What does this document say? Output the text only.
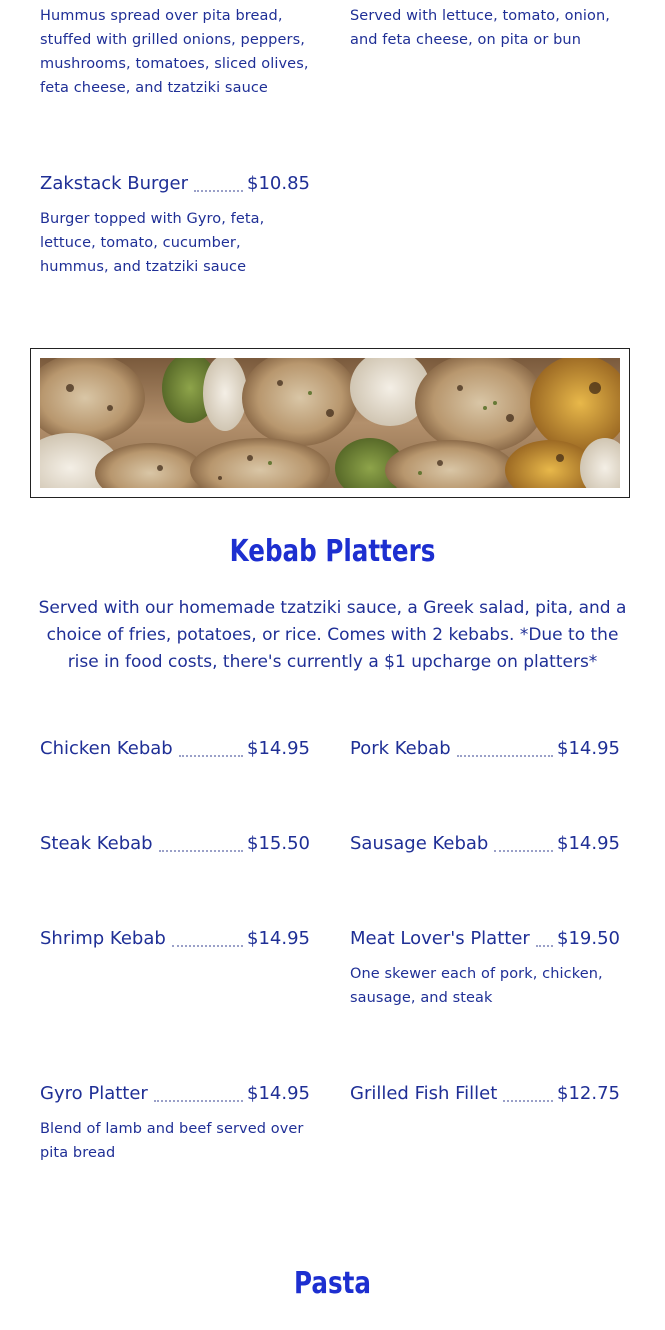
Hummus spread over pita bread, stuffed with grilled onions, peppers, mushrooms, tomatoes, sliced olives, feta cheese, and tzatziki sauce
Served with lettuce, tomato, onion, and feta cheese, on pita or bun
Zakstack Burger	$10.85
Burger topped with Gyro, feta, lettuce, tomato, cucumber, hummus, and tzatziki sauce
Kebab Platters
Served with our homemade tzatziki sauce, a Greek salad, pita, and a choice of fries, potatoes, or rice. Comes with 2 kebabs. *Due to the rise in food costs, there's currently a $1 upcharge on platters*
Chicken Kebab	$14.95 Pork Kebab	$14.95
Steak Kebab	$15.50 Sausage Kebab	$14.95
Shrimp Kebab	$14.95 Meat Lover's Platter $19.50
One skewer each of pork, chicken, sausage, and steak
Gyro Platter	$14.95
Blend of lamb and beef served over pita bread
Grilled Fish Fillet	$12.75
Pasta
